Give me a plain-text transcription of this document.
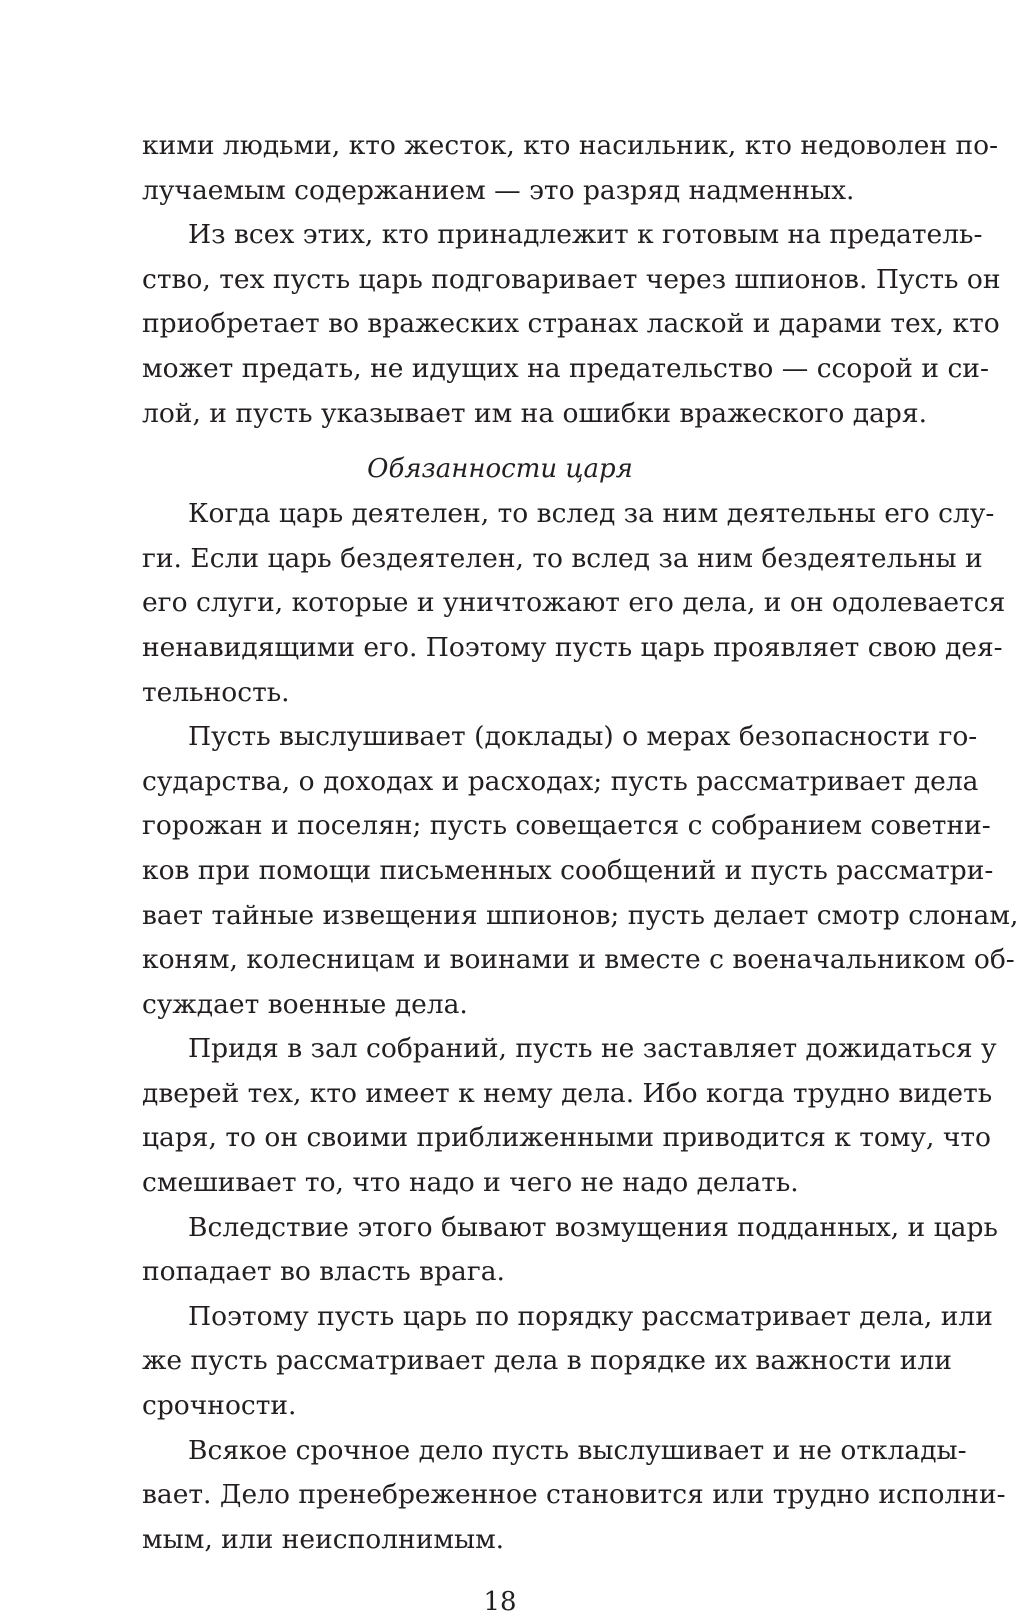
кими людьми, кто жесток, кто насильник, кто недоволен по-
лучаемым содержанием — это разряд надменных.
Из всех этих, кто принадлежит к готовым на предатель-
ство, тех пусть царь подговаривает через шпионов. Пусть он
приобретает во вражеских странах лаской и дарами тех, кто
может предать, не идущих на предательство — ссорой и си-
лой, и пусть указывает им на ошибки вражеского даря.
Обязанности царя
Когда царь деятелен, то вслед за ним деятельны его слу-
ги. Если царь бездеятелен, то вслед за ним бездеятельны и
его слуги, которые и уничтожают его дела, и он одолевается
ненавидящими его. Поэтому пусть царь проявляет свою дея-
тельность.
Пусть выслушивает (доклады) о мерах безопасности го-
сударства, о доходах и расходах; пусть рассматривает дела
горожан и поселян; пусть совещается с собранием советни-
ков при помощи письменных сообщений и пусть рассматри-
вает тайные извещения шпионов; пусть делает смотр слонам,
коням, колесницам и воинами и вместе с военачальником об-
суждает военные дела.
Придя в зал собраний, пусть не заставляет дожидаться у
дверей тех, кто имеет к нему дела. Ибо когда трудно видеть
царя, то он своими приближенными приводится к тому, что
смешивает то, что надо и чего не надо делать.
Вследствие этого бывают возмущения подданных, и царь
попадает во власть врага.
Поэтому пусть царь по порядку рассматривает дела, или
же пусть рассматривает дела в порядке их важности или
срочности.
Всякое срочное дело пусть выслушивает и не отклады-
вает. Дело пренебреженное становится или трудно исполни-
мым, или неисполнимым.
18
